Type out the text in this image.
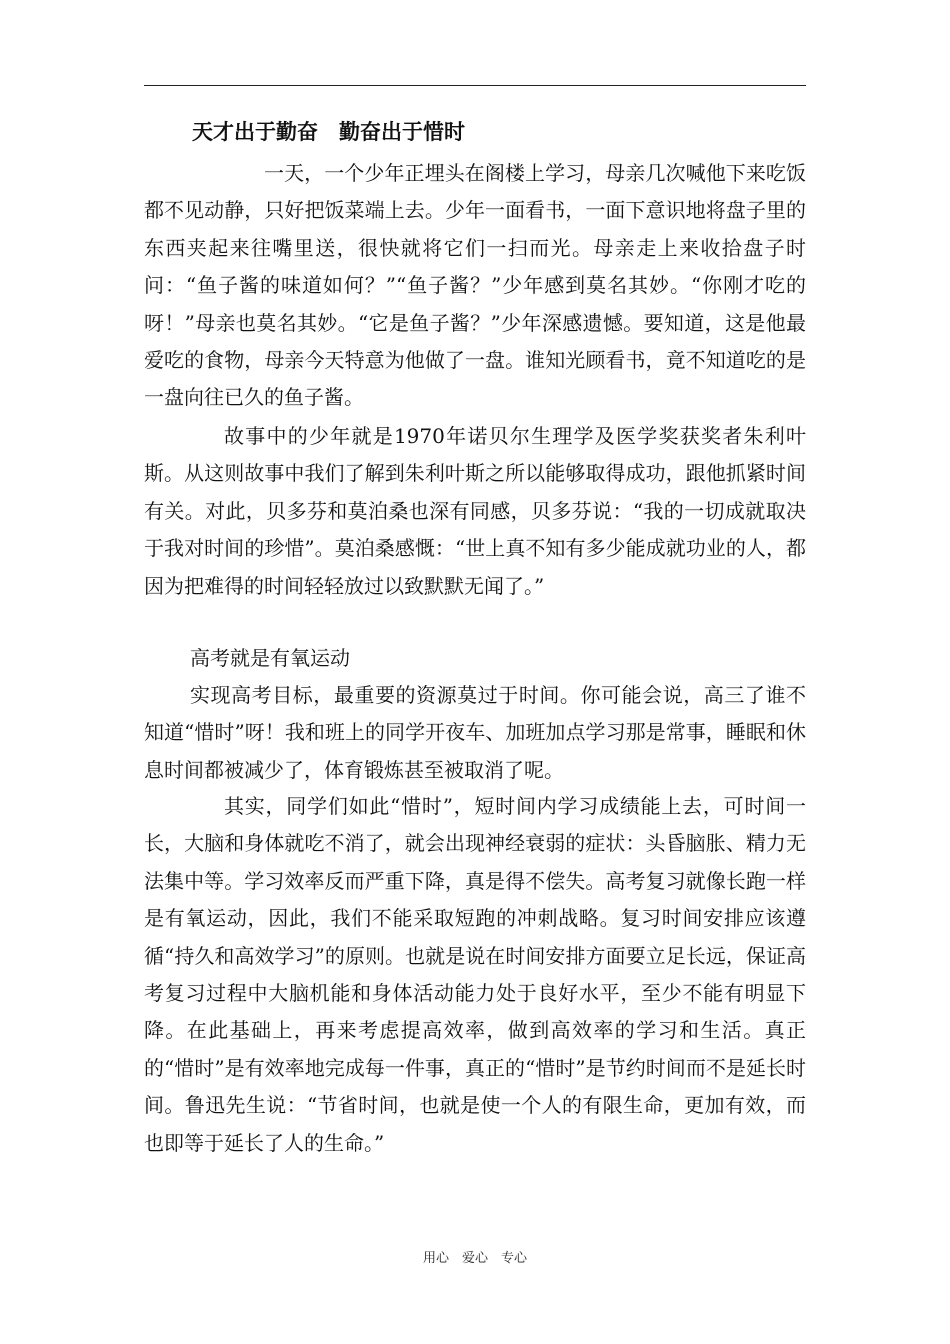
天才出于勤奋　勤奋出于惜时

一天，一个少年正埋头在阁楼上学习，母亲几次喊他下来吃饭都不见动静，只好把饭菜端上去。少年一面看书，一面下意识地将盘子里的东西夹起来往嘴里送，很快就将它们一扫而光。母亲走上来收拾盘子时问：“鱼子酱的味道如何？”“鱼子酱？”少年感到莫名其妙。“你刚才吃的呀！”母亲也莫名其妙。“它是鱼子酱？”少年深感遗憾。要知道，这是他最爱吃的食物，母亲今天特意为他做了一盘。谁知光顾看书，竟不知道吃的是一盘向往已久的鱼子酱。

故事中的少年就是1970年诺贝尔生理学及医学奖获奖者朱利叶斯。从这则故事中我们了解到朱利叶斯之所以能够取得成功，跟他抓紧时间有关。对此，贝多芬和莫泊桑也深有同感，贝多芬说：“我的一切成就取决于我对时间的珍惜”。莫泊桑感慨：“世上真不知有多少能成就功业的人，都因为把难得的时间轻轻放过以致默默无闻了。”

高考就是有氧运动

实现高考目标，最重要的资源莫过于时间。你可能会说，高三了谁不知道“惜时”呀！我和班上的同学开夜车、加班加点学习那是常事，睡眠和休息时间都被减少了，体育锻炼甚至被取消了呢。

其实，同学们如此“惜时”，短时间内学习成绩能上去，可时间一长，大脑和身体就吃不消了，就会出现神经衰弱的症状：头昏脑胀、精力无法集中等。学习效率反而严重下降，真是得不偿失。高考复习就像长跑一样是有氧运动，因此，我们不能采取短跑的冲刺战略。复习时间安排应该遵循“持久和高效学习”的原则。也就是说在时间安排方面要立足长远，保证高考复习过程中大脑机能和身体活动能力处于良好水平，至少不能有明显下降。在此基础上，再来考虑提高效率，做到高效率的学习和生活。真正的“惜时”是有效率地完成每一件事，真正的“惜时”是节约时间而不是延长时间。鲁迅先生说：“节省时间，也就是使一个人的有限生命，更加有效，而也即等于延长了人的生命。”

用心　爱心　专心
